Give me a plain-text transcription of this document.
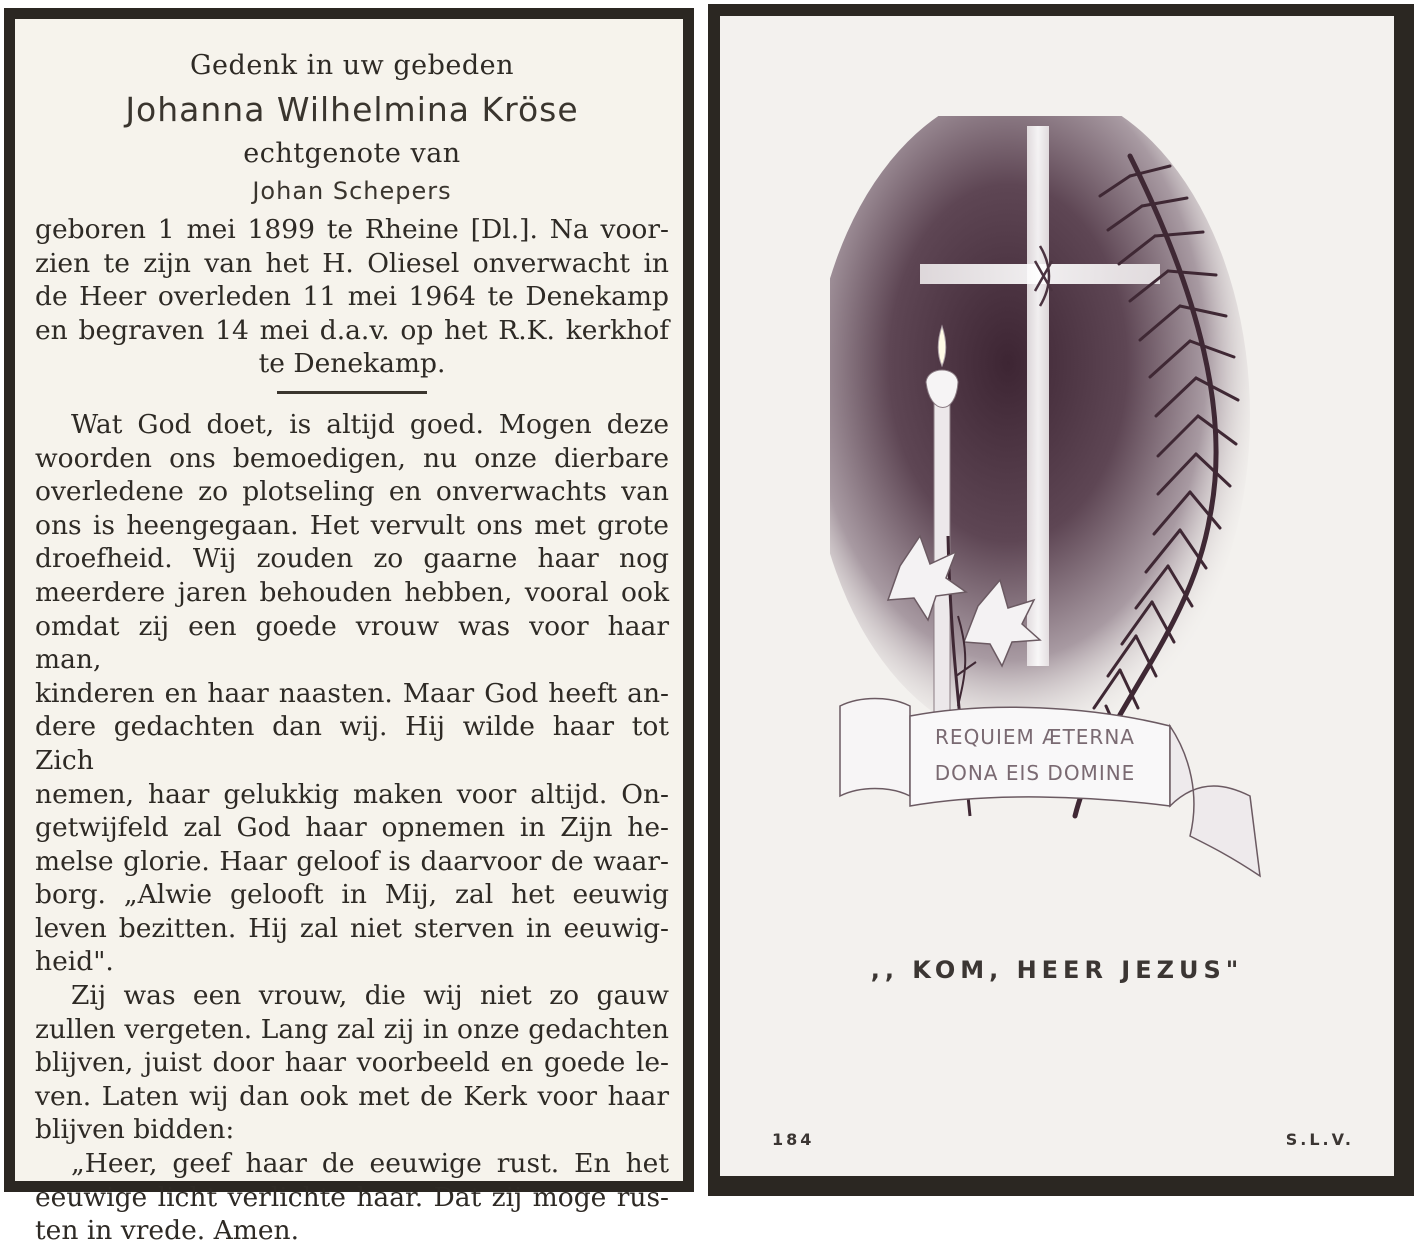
Gedenk in uw gebeden
Johanna Wilhelmina Kröse
echtgenote van
Johan Schepers
geboren 1 mei 1899 te Rheine [Dl.]. Na voor-
zien te zijn van het H. Oliesel onverwacht in
de Heer overleden 11 mei 1964 te Denekamp
en begraven 14 mei d.a.v. op het R.K. kerkhof
te Denekamp.
Wat God doet, is altijd goed. Mogen deze
woorden ons bemoedigen, nu onze dierbare
overledene zo plotseling en onverwachts van
ons is heengegaan. Het vervult ons met grote
droefheid. Wij zouden zo gaarne haar nog
meerdere jaren behouden hebben, vooral ook
omdat zij een goede vrouw was voor haar man,
kinderen en haar naasten. Maar God heeft an-
dere gedachten dan wij. Hij wilde haar tot Zich
nemen, haar gelukkig maken voor altijd. On-
getwijfeld zal God haar opnemen in Zijn he-
melse glorie. Haar geloof is daarvoor de waar-
borg. „Alwie gelooft in Mij, zal het eeuwig
leven bezitten. Hij zal niet sterven in eeuwig-
heid".
Zij was een vrouw, die wij niet zo gauw
zullen vergeten. Lang zal zij in onze gedachten
blijven, juist door haar voorbeeld en goede le-
ven. Laten wij dan ook met de Kerk voor haar
blijven bidden:
„Heer, geef haar de eeuwige rust. En het
eeuwige licht verlichte haar. Dat zij moge rus-
ten in vrede. Amen.
REQUIEM ÆTERNA
DONA EIS DOMINE
,, KOM, HEER JEZUS"
184	S.L.V.
